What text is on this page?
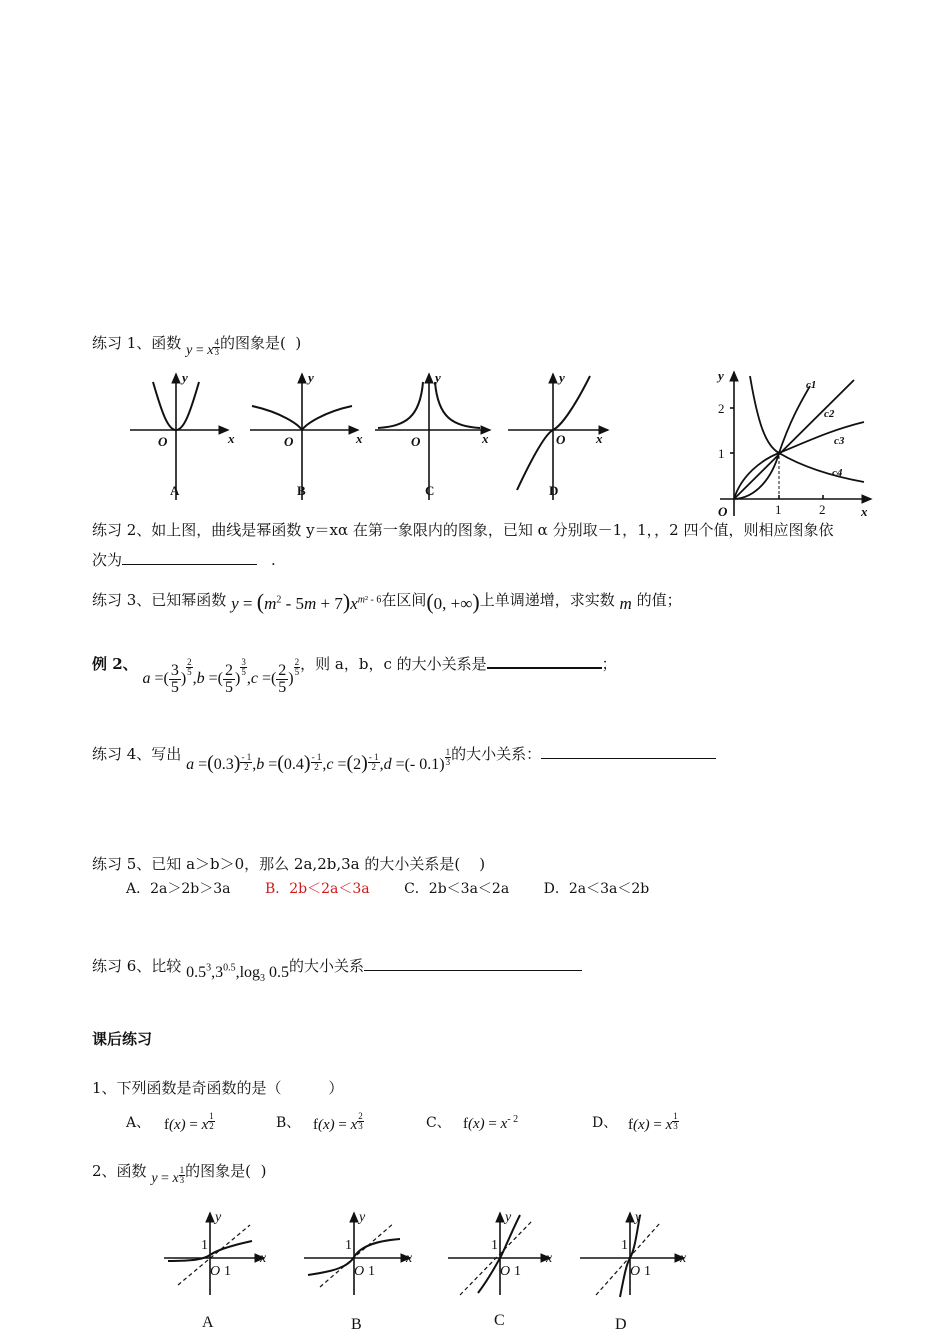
练习 1、函数 y = x $\frac{4}{3}$ 的图象是( )
y
x
O
y
x
O
y
x
O
y
x
O
A	B	C	D
y
x
O
1
2
1	2
c1
c2
c3
c4
练习 2、如上图，曲线是幂函数 y＝xα 在第一象限内的图象，已知 α 分别取－1，1，，2 四个值，则相应图象依
次为	.
练习 3、已知幂函数 $y = (m^2 - 5m + 7)x^{m^2 - 6}$在区间(0, +∞)上单调递增，求实数 m 的值；
例 2、 a =( $\frac{3}{5}$ )
$\frac{2}{5}$
,b =( $\frac{2}{5}$ )
$\frac{3}{5}$
,c =( $\frac{2}{5}$ )
$\frac{2}{5}$ ，则 a，b，c 的大小关系是	；
练习 4、写出 $a =(0.3) \frac{- 1}{2} ,b =(0.4) \frac{- 1}{2} ,c =(2) \frac{- 1}{2} ,d$ =(- $0.1) \frac{1}{3}$ 的大小关系：
练习 5、已知 a＞b＞0，那么 2a,2b,3a 的大小关系是( )
A．2a＞2b＞3a B．2b＜2a＜3a C．2b＜3a＜2a D．2a＜3a＜2b
练习 6、比较 $0.5^3,3^{0.5},\log_3$ 0.5的大小关系
课后练习
1、下列函数是奇函数的是（	）
A、 f(x) = x $\frac{1}{2}$	B、 f(x) = x $\frac{2}{3}$	C、 $f(x) = x^{- 2}$	D、 f(x) = x $\frac{1}{3}$
2、函数 y = x $\frac{1}{3}$ 的图象是( )
y
x
O
y
x
O
y
x
O
y
x
O
1
1
1
1
1
1
1
1
A	B	C	D
